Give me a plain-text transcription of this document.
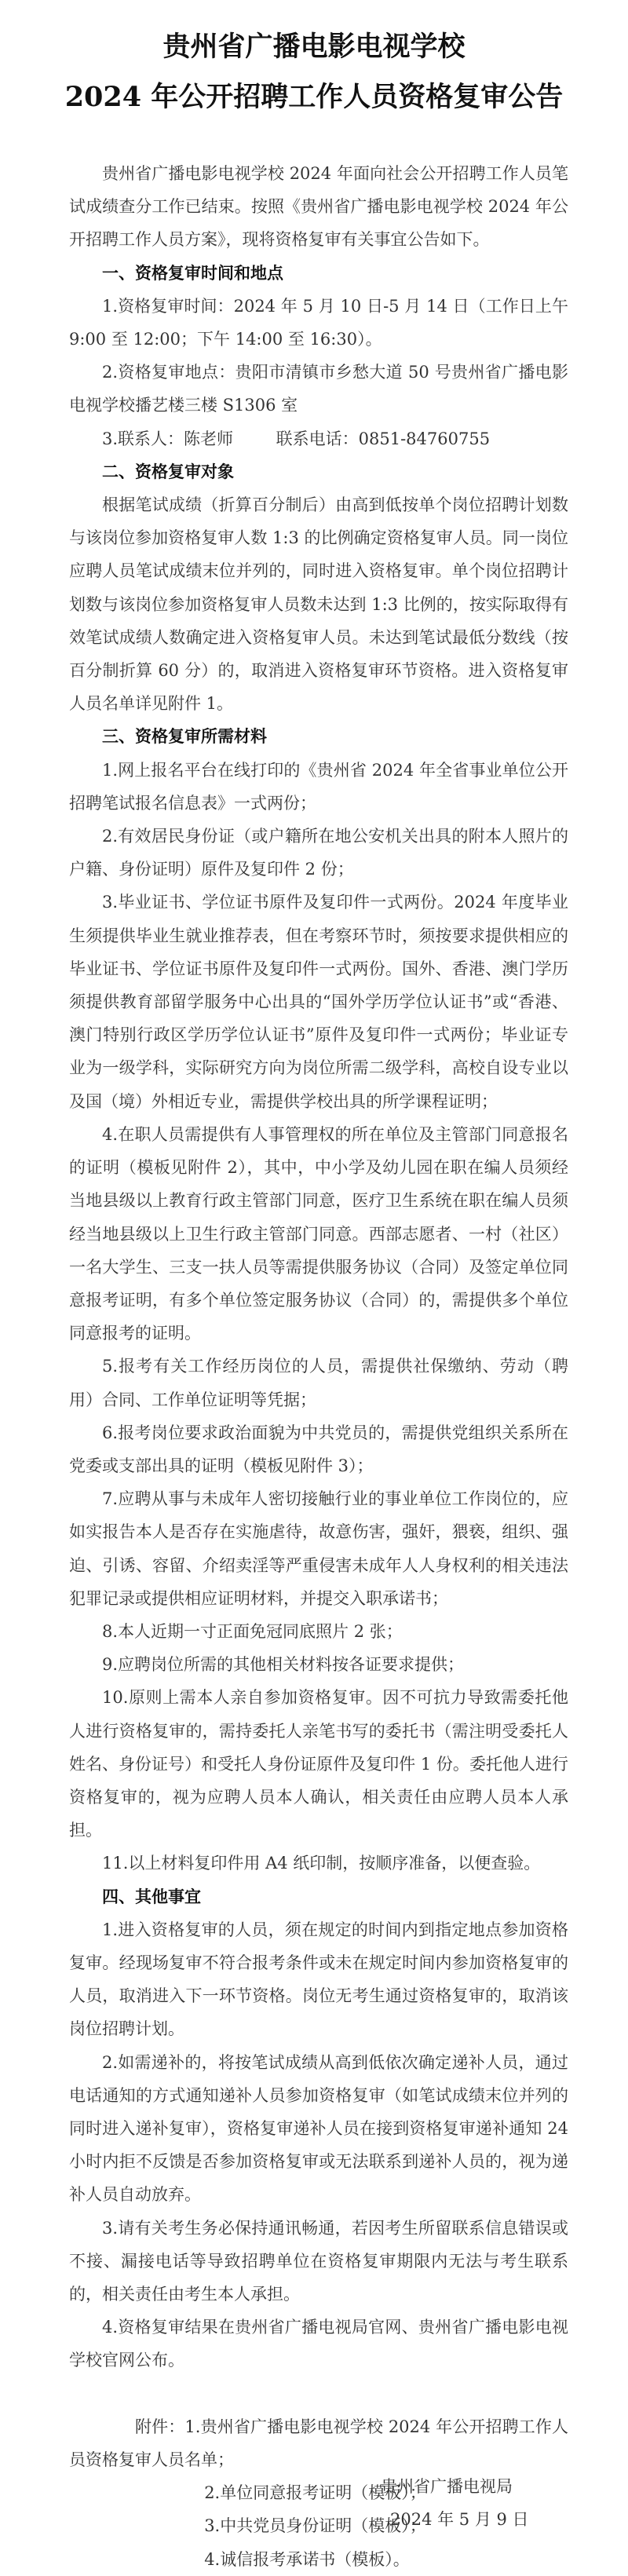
贵州省广播电影电视学校
2024 年公开招聘工作人员资格复审公告

贵州省广播电影电视学校 2024 年面向社会公开招聘工作人员笔试成绩查分工作已结束。按照《贵州省广播电影电视学校 2024 年公开招聘工作人员方案》，现将资格复审有关事宜公告如下。

一、资格复审时间和地点

1.资格复审时间：2024 年 5 月 10 日-5 月 14 日（工作日上午 9:00 至 12:00；下午 14:00 至 16:30）。

2.资格复审地点：贵阳市清镇市乡愁大道 50 号贵州省广播电影电视学校播艺楼三楼 S1306 室

3.联系人：陈老师	联系电话：0851-84760755

二、资格复审对象

根据笔试成绩（折算百分制后）由高到低按单个岗位招聘计划数与该岗位参加资格复审人数 1:3 的比例确定资格复审人员。同一岗位应聘人员笔试成绩末位并列的，同时进入资格复审。单个岗位招聘计划数与该岗位参加资格复审人员数未达到 1:3 比例的，按实际取得有效笔试成绩人数确定进入资格复审人员。未达到笔试最低分数线（按百分制折算 60 分）的，取消进入资格复审环节资格。进入资格复审人员名单详见附件 1。

三、资格复审所需材料

1.网上报名平台在线打印的《贵州省 2024 年全省事业单位公开招聘笔试报名信息表》一式两份；

2.有效居民身份证（或户籍所在地公安机关出具的附本人照片的户籍、身份证明）原件及复印件 2 份；

3.毕业证书、学位证书原件及复印件一式两份。2024 年度毕业生须提供毕业生就业推荐表，但在考察环节时，须按要求提供相应的毕业证书、学位证书原件及复印件一式两份。国外、香港、澳门学历须提供教育部留学服务中心出具的“国外学历学位认证书”或“香港、澳门特别行政区学历学位认证书”原件及复印件一式两份；毕业证专业为一级学科，实际研究方向为岗位所需二级学科，高校自设专业以及国（境）外相近专业，需提供学校出具的所学课程证明；

4.在职人员需提供有人事管理权的所在单位及主管部门同意报名的证明（模板见附件 2），其中，中小学及幼儿园在职在编人员须经当地县级以上教育行政主管部门同意，医疗卫生系统在职在编人员须经当地县级以上卫生行政主管部门同意。西部志愿者、一村（社区）一名大学生、三支一扶人员等需提供服务协议（合同）及签定单位同意报考证明，有多个单位签定服务协议（合同）的，需提供多个单位同意报考的证明。

5.报考有关工作经历岗位的人员，需提供社保缴纳、劳动（聘用）合同、工作单位证明等凭据；

6.报考岗位要求政治面貌为中共党员的，需提供党组织关系所在党委或支部出具的证明（模板见附件 3）；

7.应聘从事与未成年人密切接触行业的事业单位工作岗位的，应如实报告本人是否存在实施虐待，故意伤害，强奸，猥亵，组织、强迫、引诱、容留、介绍卖淫等严重侵害未成年人人身权利的相关违法犯罪记录或提供相应证明材料，并提交入职承诺书；

8.本人近期一寸正面免冠同底照片 2 张；

9.应聘岗位所需的其他相关材料按各证要求提供；

10.原则上需本人亲自参加资格复审。因不可抗力导致需委托他人进行资格复审的，需持委托人亲笔书写的委托书（需注明受委托人姓名、身份证号）和受托人身份证原件及复印件 1 份。委托他人进行资格复审的，视为应聘人员本人确认，相关责任由应聘人员本人承担。

11.以上材料复印件用 A4 纸印制，按顺序准备，以便查验。

四、其他事宜

1.进入资格复审的人员，须在规定的时间内到指定地点参加资格复审。经现场复审不符合报考条件或未在规定时间内参加资格复审的人员，取消进入下一环节资格。岗位无考生通过资格复审的，取消该岗位招聘计划。

2.如需递补的，将按笔试成绩从高到低依次确定递补人员，通过电话通知的方式通知递补人员参加资格复审（如笔试成绩末位并列的同时进入递补复审），资格复审递补人员在接到资格复审递补通知 24 小时内拒不反馈是否参加资格复审或无法联系到递补人员的，视为递补人员自动放弃。

3.请有关考生务必保持通讯畅通，若因考生所留联系信息错误或不接、漏接电话等导致招聘单位在资格复审期限内无法与考生联系的，相关责任由考生本人承担。

4.资格复审结果在贵州省广播电视局官网、贵州省广播电影电视学校官网公布。

附件：1.贵州省广播电影电视学校 2024 年公开招聘工作人员资格复审人员名单；

2.单位同意报考证明（模板）；

3.中共党员身份证明（模板）；

4.诚信报考承诺书（模板）。

贵州省广播电视局

2024 年 5 月 9 日
